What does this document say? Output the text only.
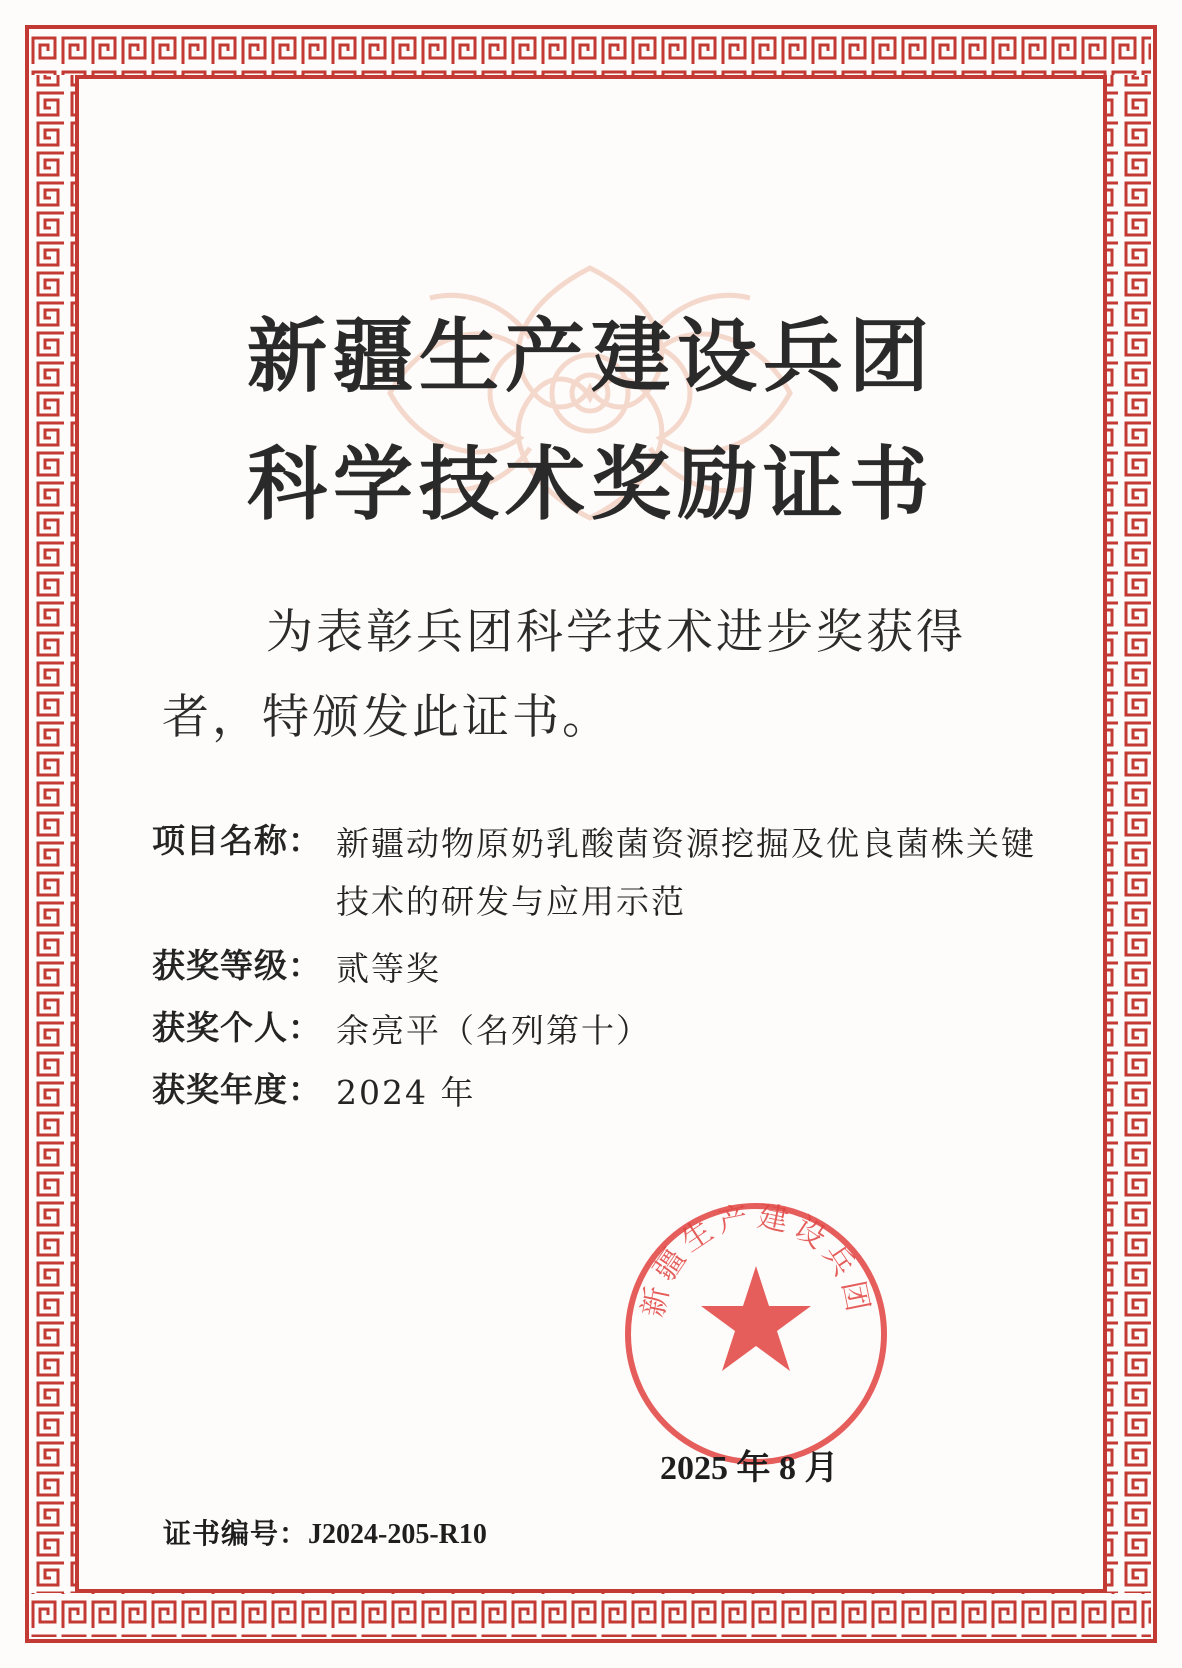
新疆生产建设兵团
科学技术奖励证书
为表彰兵团科学技术进步奖获得
者，特颁发此证书。
项目名称： 新疆动物原奶乳酸菌资源挖掘及优良菌株关键技术的研发与应用示范
获奖等级： 贰等奖
获奖个人： 余亮平（名列第十）
获奖年度： 2024 年
新疆生产建设兵团
2025 年 8 月
证书编号：J2024-205-R10
